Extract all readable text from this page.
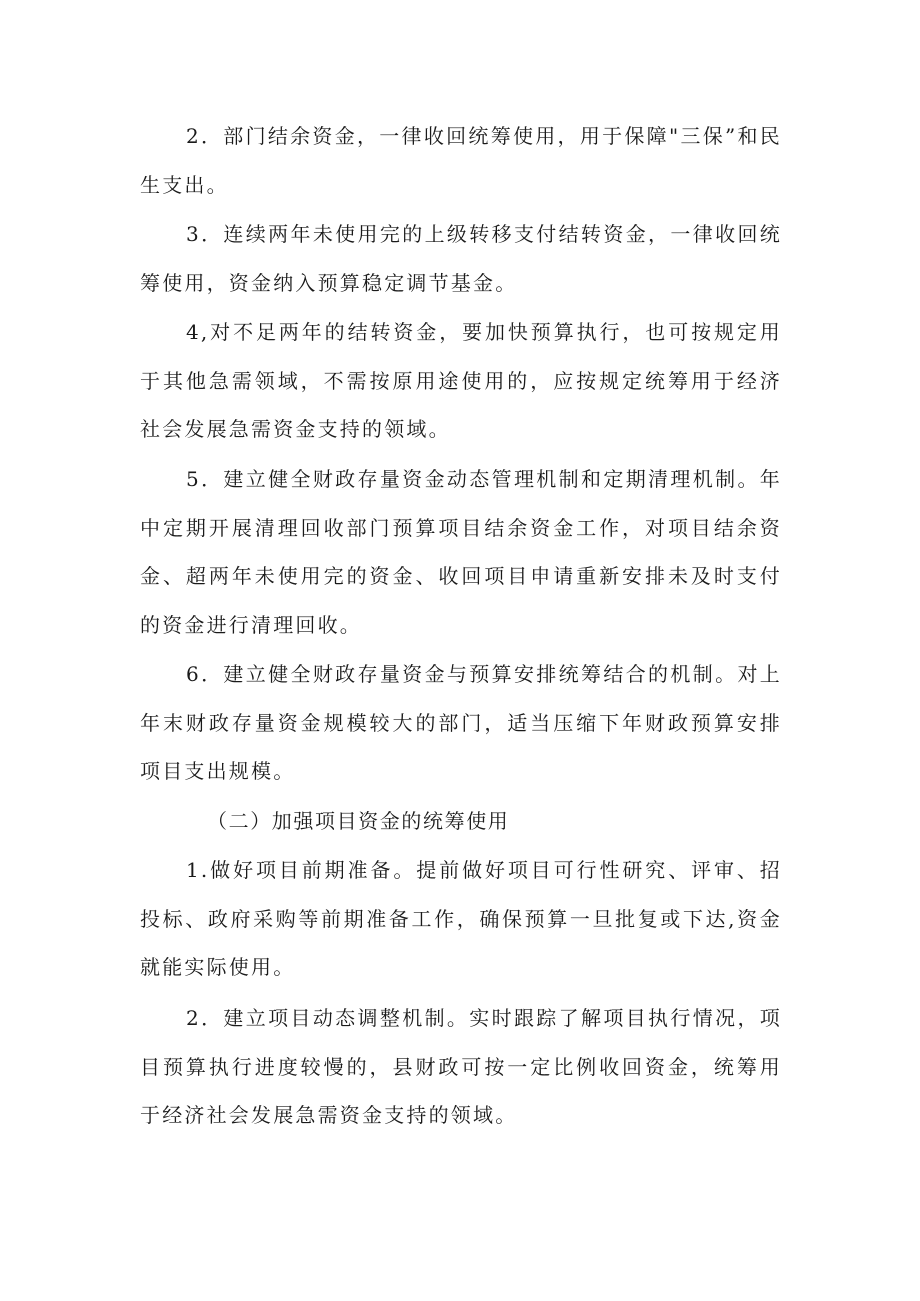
2．部门结余资金，一律收回统筹使用，用于保障"三保”和民生支出。

3．连续两年未使用完的上级转移支付结转资金，一律收回统筹使用，资金纳入预算稳定调节基金。

4,对不足两年的结转资金，要加快预算执行，也可按规定用于其他急需领域，不需按原用途使用的，应按规定统筹用于经济社会发展急需资金支持的领域。

5．建立健全财政存量资金动态管理机制和定期清理机制。年中定期开展清理回收部门预算项目结余资金工作，对项目结余资金、超两年未使用完的资金、收回项目申请重新安排未及时支付的资金进行清理回收。

6．建立健全财政存量资金与预算安排统筹结合的机制。对上年末财政存量资金规模较大的部门，适当压缩下年财政预算安排项目支出规模。

（二）加强项目资金的统筹使用

1.做好项目前期准备。提前做好项目可行性研究、评审、招投标、政府采购等前期准备工作，确保预算一旦批复或下达,资金就能实际使用。

2．建立项目动态调整机制。实时跟踪了解项目执行情况，项目预算执行进度较慢的，县财政可按一定比例收回资金，统筹用于经济社会发展急需资金支持的领域。
